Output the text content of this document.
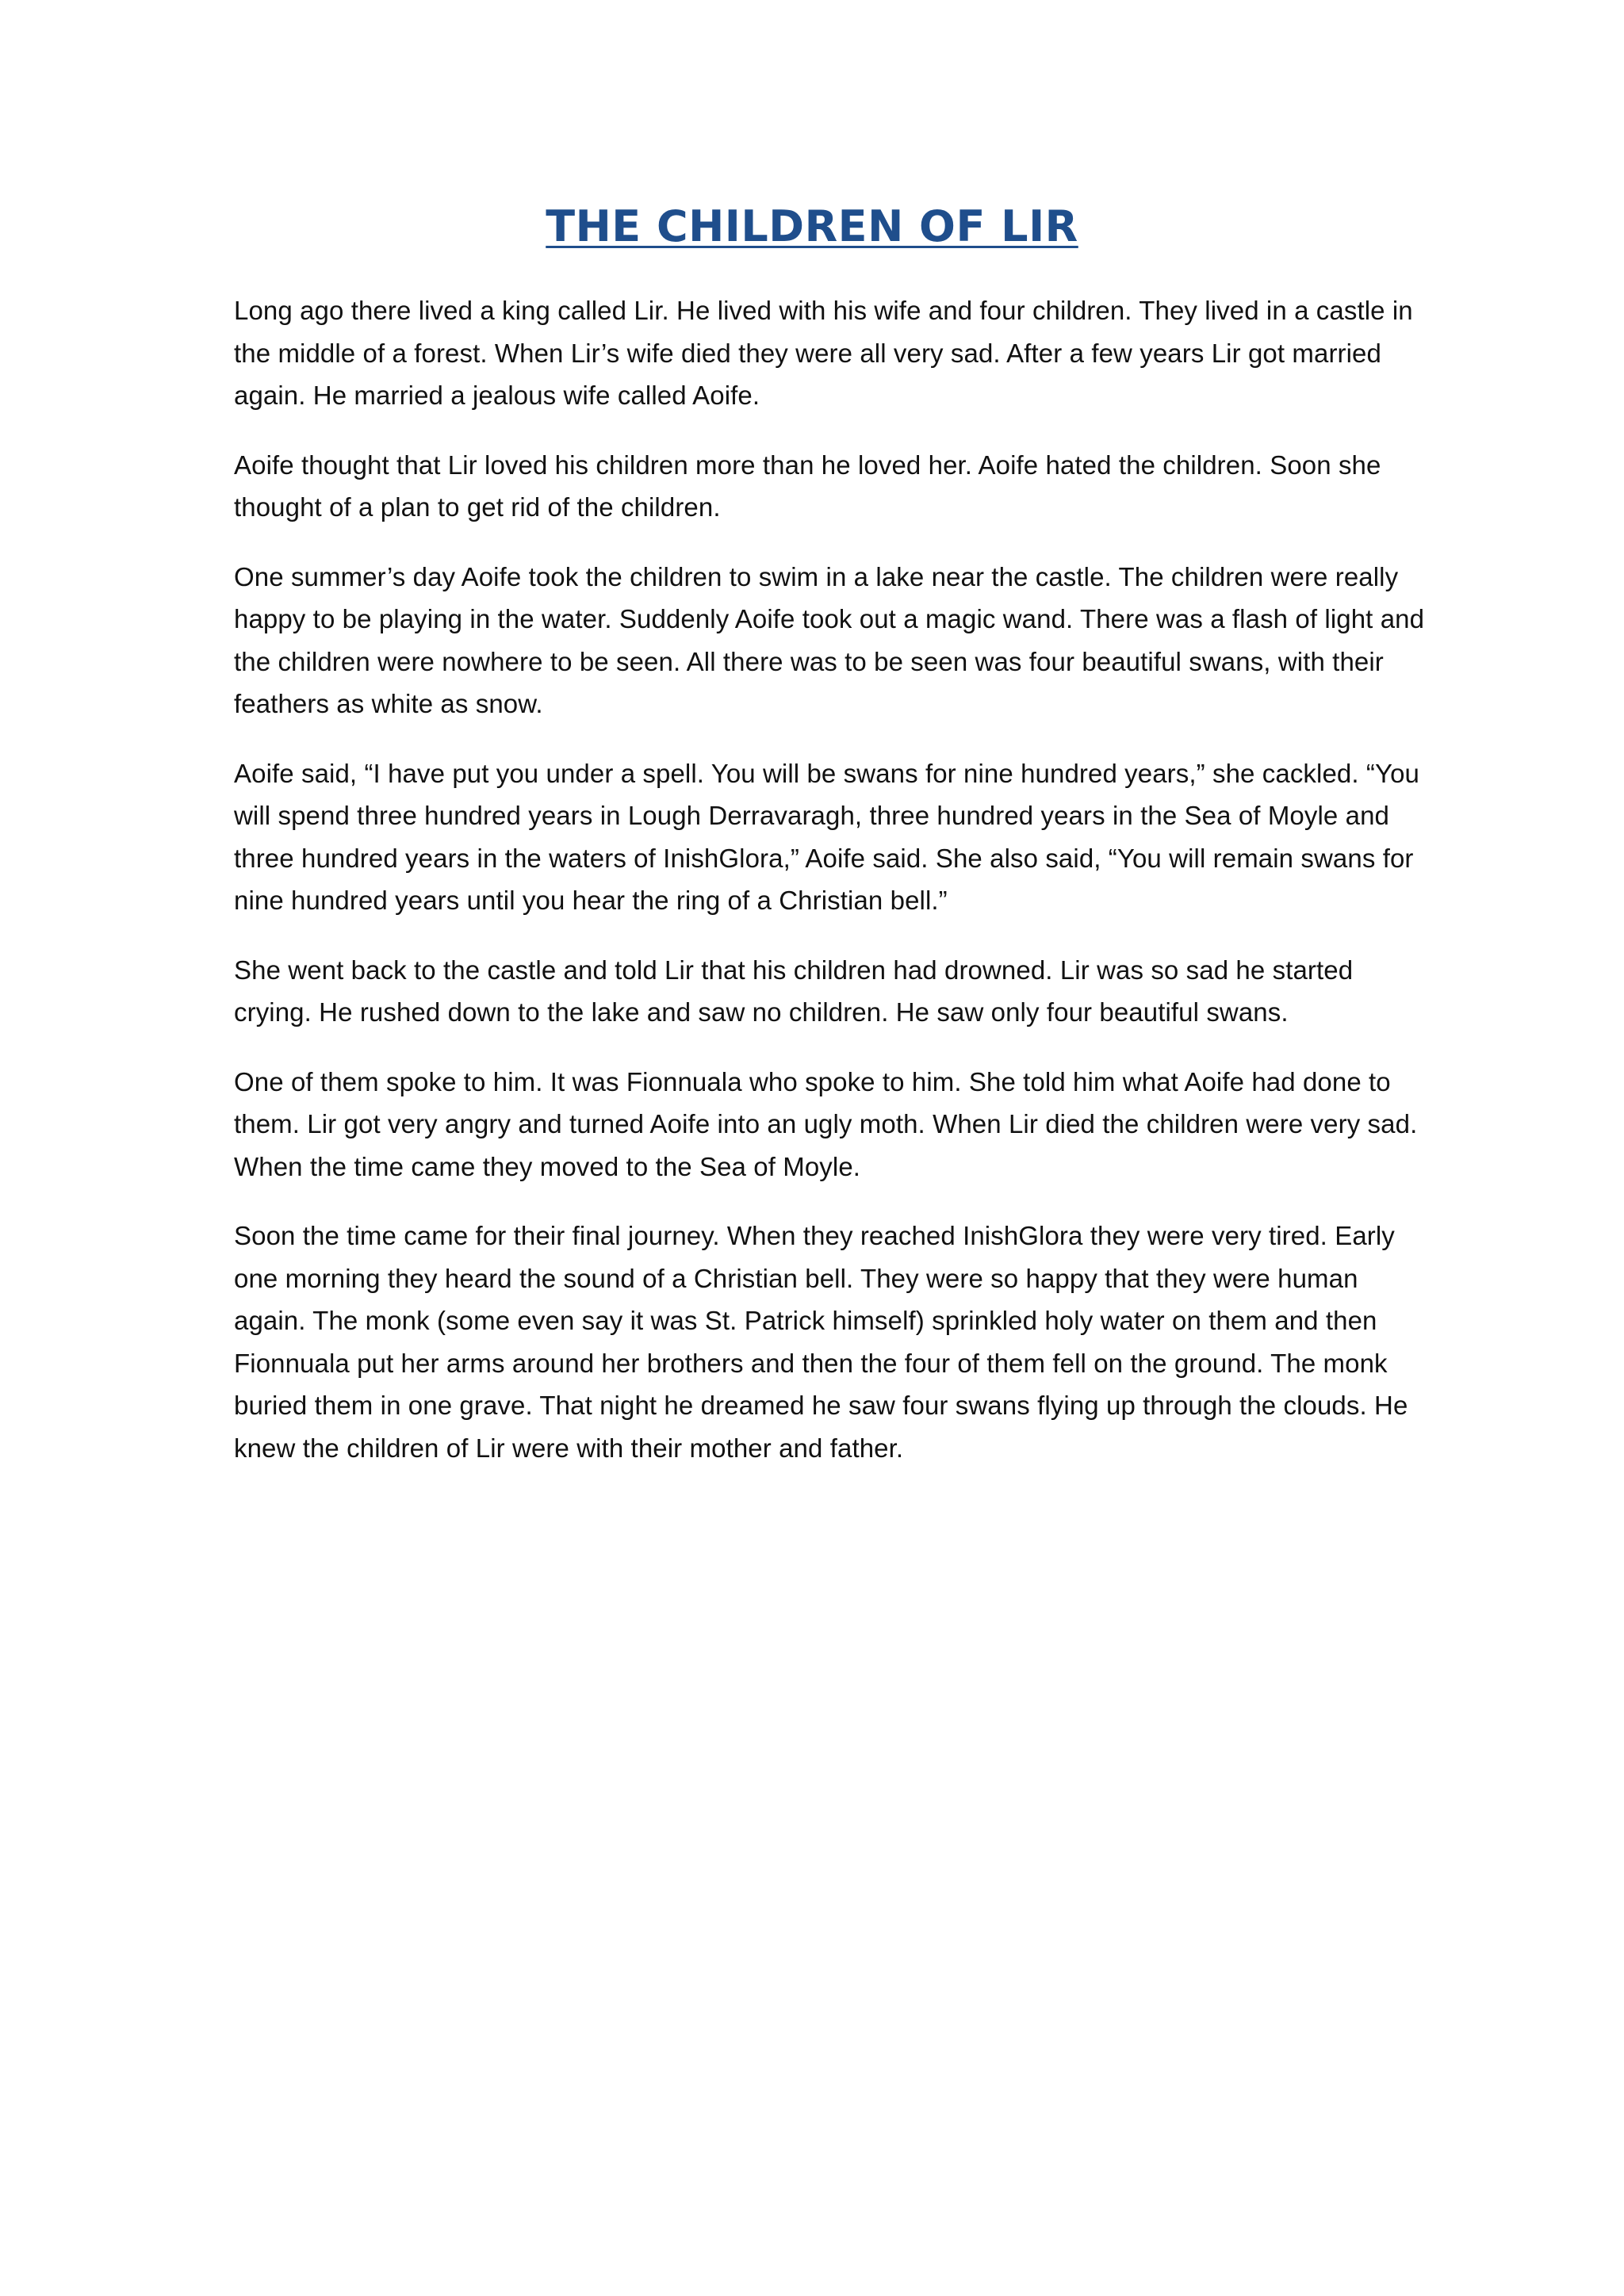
THE CHILDREN OF LIR

Long ago there lived a king called Lir. He lived with his wife and four children. They lived in a castle in the middle of a forest. When Lir’s wife died they were all very sad. After a few years Lir got married again. He married a jealous wife called Aoife.

Aoife thought that Lir loved his children more than he loved her. Aoife hated the children. Soon she thought of a plan to get rid of the children.

One summer’s day Aoife took the children to swim in a lake near the castle. The children were really happy to be playing in the water. Suddenly Aoife took out a magic wand. There was a flash of light and the children were nowhere to be seen. All there was to be seen was four beautiful swans, with their feathers as white as snow.

Aoife said, “I have put you under a spell. You will be swans for nine hundred years,” she cackled. “You will spend three hundred years in Lough Derravaragh, three hundred years in the Sea of Moyle and three hundred years in the waters of InishGlora,” Aoife said. She also said, “You will remain swans for nine hundred years until you hear the ring of a Christian bell.”

She went back to the castle and told Lir that his children had drowned. Lir was so sad he started crying. He rushed down to the lake and saw no children. He saw only four beautiful swans.

One of them spoke to him. It was Fionnuala who spoke to him. She told him what Aoife had done to them. Lir got very angry and turned Aoife into an ugly moth. When Lir died the children were very sad. When the time came they moved to the Sea of Moyle.

Soon the time came for their final journey. When they reached InishGlora they were very tired. Early one morning they heard the sound of a Christian bell. They were so happy that they were human again. The monk (some even say it was St. Patrick himself) sprinkled holy water on them and then Fionnuala put her arms around her brothers and then the four of them fell on the ground. The monk buried them in one grave. That night he dreamed he saw four swans flying up through the clouds. He knew the children of Lir were with their mother and father.
